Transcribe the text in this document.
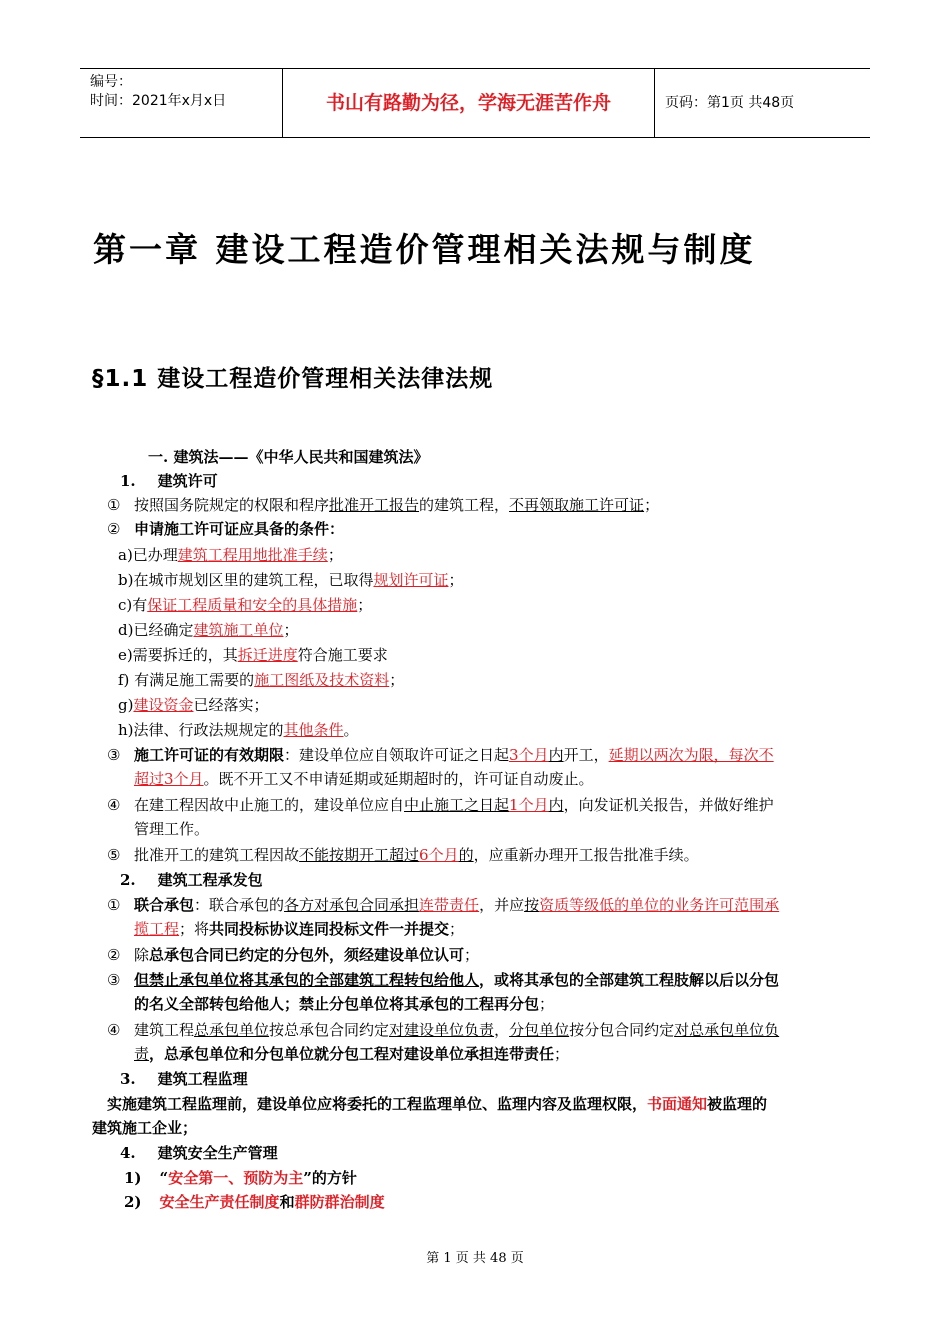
编号：
时间：2021年x月x日	书山有路勤为径，学海无涯苦作舟	页码：第1页 共48页
第一章 建设工程造价管理相关法规与制度
§1.1 建设工程造价管理相关法律法规
一. 建筑法——《中华人民共和国建筑法》
1. 建筑许可
① 按照国务院规定的权限和程序批准开工报告的建筑工程，不再领取施工许可证；
② 申请施工许可证应具备的条件：
a)已办理建筑工程用地批准手续；
b)在城市规划区里的建筑工程，已取得规划许可证；
c)有保证工程质量和安全的具体措施；
d)已经确定建筑施工单位；
e)需要拆迁的，其拆迁进度符合施工要求
f) 有满足施工需要的施工图纸及技术资料；
g)建设资金已经落实；
h)法律、行政法规规定的其他条件。
③ 施工许可证的有效期限：建设单位应自领取许可证之日起3个月内开工，延期以两次为限，每次不
超过3个月。既不开工又不申请延期或延期超时的，许可证自动废止。
④ 在建工程因故中止施工的，建设单位应自中止施工之日起1个月内，向发证机关报告，并做好维护
管理工作。
⑤ 批准开工的建筑工程因故不能按期开工超过6个月的，应重新办理开工报告批准手续。
2. 建筑工程承发包
① 联合承包：联合承包的各方对承包合同承担连带责任，并应按资质等级低的单位的业务许可范围承
揽工程；将共同投标协议连同投标文件一并提交；
② 除总承包合同已约定的分包外，须经建设单位认可；
③ 但禁止承包单位将其承包的全部建筑工程转包给他人，或将其承包的全部建筑工程肢解以后以分包
的名义全部转包给他人；禁止分包单位将其承包的工程再分包；
④ 建筑工程总承包单位按总承包合同约定对建设单位负责，分包单位按分包合同约定对总承包单位负
责，总承包单位和分包单位就分包工程对建设单位承担连带责任；
3. 建筑工程监理
实施建筑工程监理前，建设单位应将委托的工程监理单位、监理内容及监理权限，书面通知被监理的
建筑施工企业；
4. 建筑安全生产管理
1) “安全第一、预防为主”的方针
2) 安全生产责任制度和群防群治制度
第 1 页 共 48 页
